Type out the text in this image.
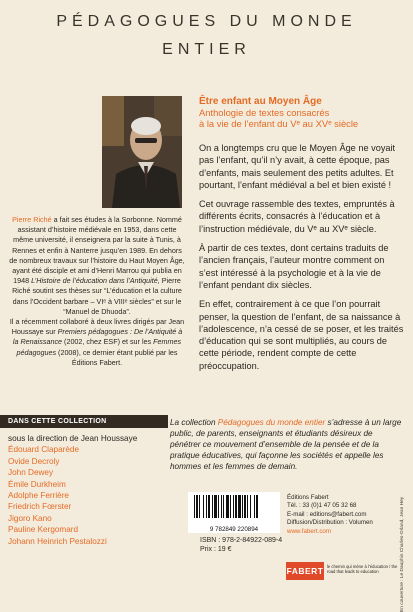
PÉDAGOGUES DU MONDE
ENTIER

Pierre Riché a fait ses études à la Sorbonne. Nommé assistant d’histoire médiévale en 1953, dans cette même université, il enseignera par la suite à Tunis, à Rennes et enfin à Nanterre jusqu’en 1989. En dehors de nombreux travaux sur l’histoire du Haut Moyen Âge, ayant été disciple et ami d’Henri Marrou qui publia en 1948 L’Histoire de l’éducation dans l’Antiquité, Pierre Riché soutint ses thèses sur “L’éducation et la culture dans l’Occident barbare – VIᵉ à VIIIᵉ siècles” et sur le “Manuel de Dhuoda”.

Il a récemment collaboré à deux livres dirigés par Jean Houssaye sur Premiers pédagogues : De l’Antiquité à la Renaissance (2002, chez ESF) et sur les Femmes pédagogues (2008), ce dernier étant publié par les Éditions Fabert.

Être enfant au Moyen Âge

Anthologie de textes consacrés

à la vie de l’enfant du Vᵉ au XVᵉ siècle

On a longtemps cru que le Moyen Âge ne voyait pas l’enfant, qu’il n’y avait, à cette époque, pas d’enfants, mais seulement des petits adultes. Et pourtant, l’enfant médiéval a bel et bien existé !

Cet ouvrage rassemble des textes, empruntés à différents écrits, consacrés à l’éducation et à l’instruction médiévale, du Vᵉ au XVᵉ siècle.

À partir de ces textes, dont certains traduits de l’ancien français, l’auteur montre comment on s’est intéressé à la psychologie et à la vie de l’enfant pendant dix siècles.

En effet, contrairement à ce que l’on pourrait penser, la question de l’enfant, de sa naissance à l’adolescence, n’a cessé de se poser, et les traités d’éducation qui se sont multipliés, au cours de cette période, rendent compte de cette préoccupation.

DANS CETTE COLLECTION
sous la direction de Jean Houssaye
Édouard Claparède
Ovide Decroly
John Dewey
Émile Durkheim
Adolphe Ferrière
Friedrich Fœrster
Jigoro Kano
Pauline Kergomard
Johann Heinrich Pestalozzi
La collection Pédagogues du monde entier s’adresse à un large public, de parents, enseignants et étudiants désireux de pénétrer ce mouvement d’ensemble de la pensée et de la pratique éducatives, qui façonne les sociétés et appelle les hommes et les femmes de demain.
9 782849 220894
ISBN : 978-2-84922-089-4
Prix : 19 €
Éditions Fabert
Tél. : 33 (0)1 47 05 32 68
E-mail : editions@fabert.com
Diffusion/Distribution : Volumen
www.fabert.com
FABERT le chemin qui mène à l’éducation / the road that leads to education	En couverture : Le Dauphin Charles-Orland, Jean Hey
